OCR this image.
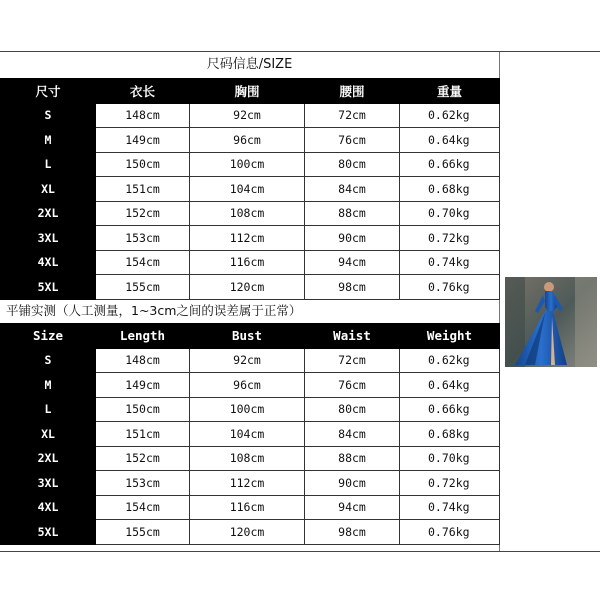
尺码信息/SIZE
尺寸	衣长	胸围	腰围	重量
S	148cm	92cm	72cm	0.62kg
M	149cm	96cm	76cm	0.64kg
L	150cm	100cm	80cm	0.66kg
XL	151cm	104cm	84cm	0.68kg
2XL	152cm	108cm	88cm	0.70kg
3XL	153cm	112cm	90cm	0.72kg
4XL	154cm	116cm	94cm	0.74kg
5XL	155cm	120cm	98cm	0.76kg
平铺实测（人工测量，1~3cm之间的误差属于正常）
Size	Length	Bust	Waist	Weight
S	148cm	92cm	72cm	0.62kg
M	149cm	96cm	76cm	0.64kg
L	150cm	100cm	80cm	0.66kg
XL	151cm	104cm	84cm	0.68kg
2XL	152cm	108cm	88cm	0.70kg
3XL	153cm	112cm	90cm	0.72kg
4XL	154cm	116cm	94cm	0.74kg
5XL	155cm	120cm	98cm	0.76kg
